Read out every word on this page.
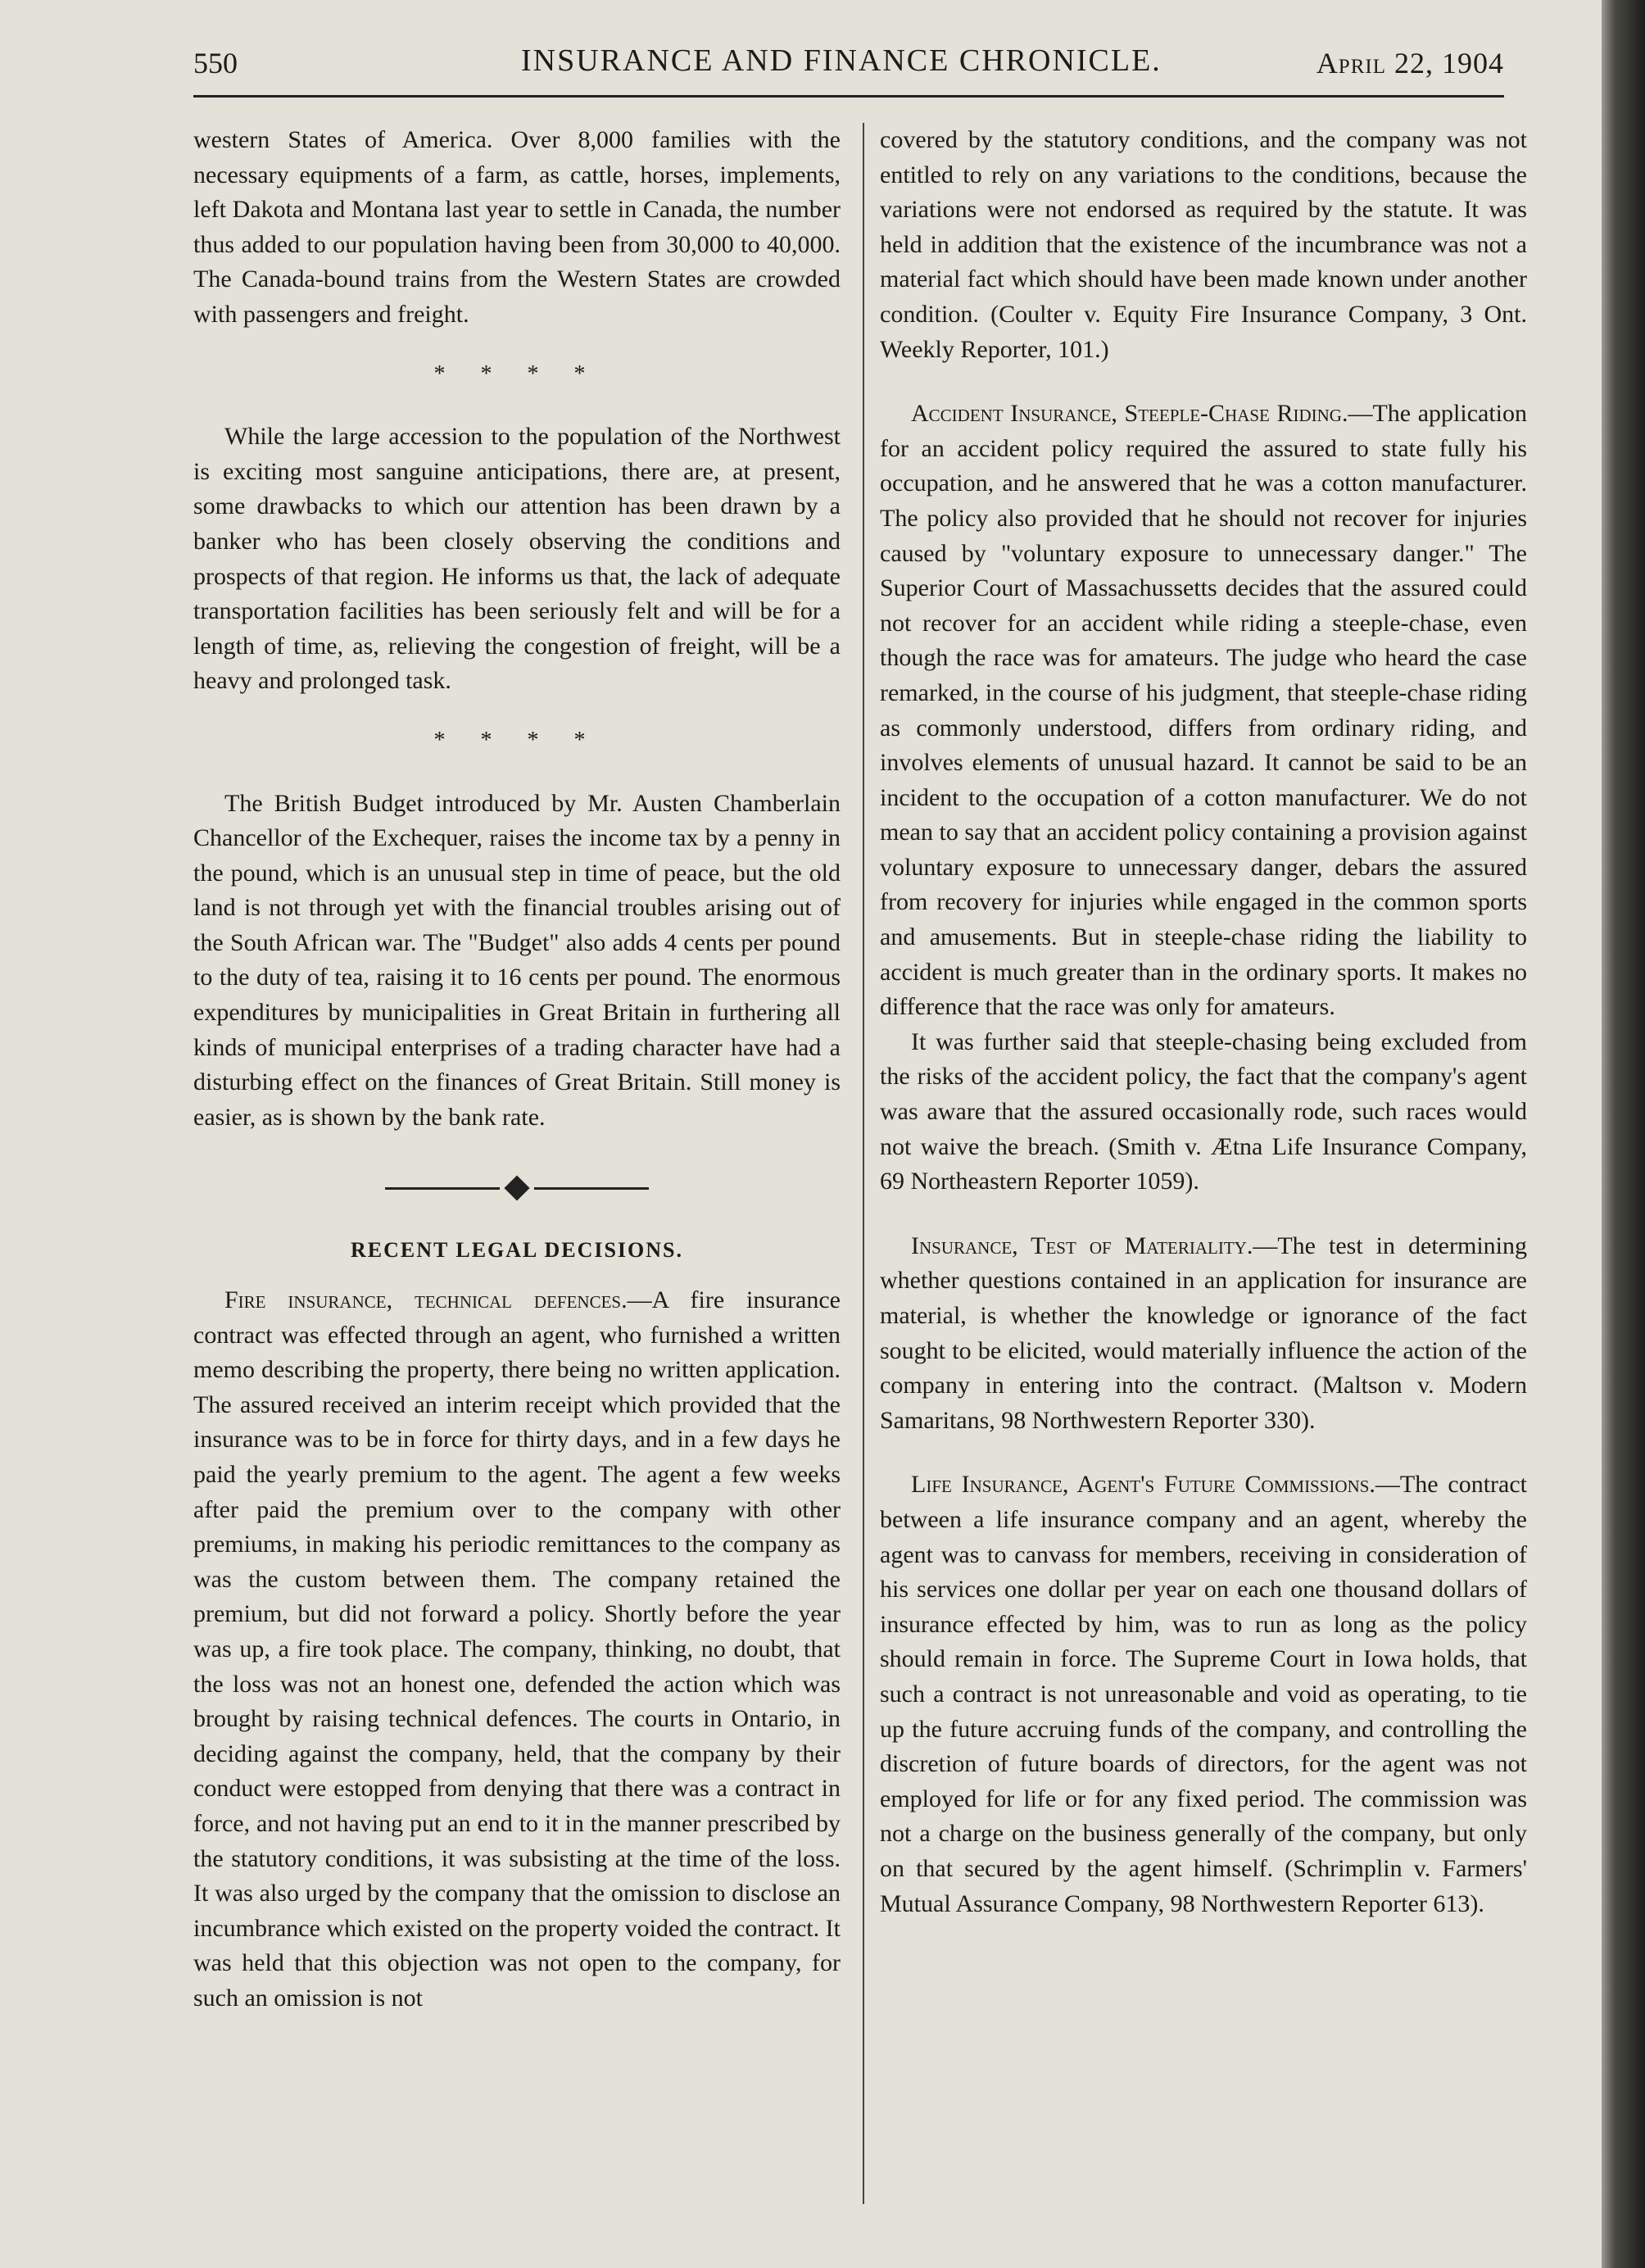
550	INSURANCE AND FINANCE CHRONICLE.	April 22, 1904

western States of America. Over 8,000 families with the necessary equipments of a farm, as cattle, horses, implements, left Dakota and Montana last year to settle in Canada, the number thus added to our population having been from 30,000 to 40,000. The Canada-bound trains from the Western States are crowded with passengers and freight.

* * * *

While the large accession to the population of the Northwest is exciting most sanguine anticipations, there are, at present, some drawbacks to which our attention has been drawn by a banker who has been closely observing the conditions and prospects of that region. He informs us that, the lack of adequate transportation facilities has been seriously felt and will be for a length of time, as, relieving the congestion of freight, will be a heavy and prolonged task.

* * * *

The British Budget introduced by Mr. Austen Chamberlain Chancellor of the Exchequer, raises the income tax by a penny in the pound, which is an unusual step in time of peace, but the old land is not through yet with the financial troubles arising out of the South African war. The "Budget" also adds 4 cents per pound to the duty of tea, raising it to 16 cents per pound. The enormous expenditures by municipalities in Great Britain in furthering all kinds of municipal enterprises of a trading character have had a disturbing effect on the finances of Great Britain. Still money is easier, as is shown by the bank rate.

RECENT LEGAL DECISIONS.

Fire insurance, technical defences.—A fire insurance contract was effected through an agent, who furnished a written memo describing the property, there being no written application. The assured received an interim receipt which provided that the insurance was to be in force for thirty days, and in a few days he paid the yearly premium to the agent. The agent a few weeks after paid the premium over to the company with other premiums, in making his periodic remittances to the company as was the custom between them. The company retained the premium, but did not forward a policy. Shortly before the year was up, a fire took place. The company, thinking, no doubt, that the loss was not an honest one, defended the action which was brought by raising technical defences. The courts in Ontario, in deciding against the company, held, that the company by their conduct were estopped from denying that there was a contract in force, and not having put an end to it in the manner prescribed by the statutory conditions, it was subsisting at the time of the loss. It was also urged by the company that the omission to disclose an incumbrance which existed on the property voided the contract. It was held that this objection was not open to the company, for such an omission is not

covered by the statutory conditions, and the company was not entitled to rely on any variations to the conditions, because the variations were not endorsed as required by the statute. It was held in addition that the existence of the incumbrance was not a material fact which should have been made known under another condition. (Coulter v. Equity Fire Insurance Company, 3 Ont. Weekly Reporter, 101.)

Accident Insurance, Steeple-Chase Riding.—The application for an accident policy required the assured to state fully his occupation, and he answered that he was a cotton manufacturer. The policy also provided that he should not recover for injuries caused by "voluntary exposure to unnecessary danger." The Superior Court of Massachussetts decides that the assured could not recover for an accident while riding a steeple-chase, even though the race was for amateurs. The judge who heard the case remarked, in the course of his judgment, that steeple-chase riding as commonly understood, differs from ordinary riding, and involves elements of unusual hazard. It cannot be said to be an incident to the occupation of a cotton manufacturer. We do not mean to say that an accident policy containing a provision against voluntary exposure to unnecessary danger, debars the assured from recovery for injuries while engaged in the common sports and amusements. But in steeple-chase riding the liability to accident is much greater than in the ordinary sports. It makes no difference that the race was only for amateurs.

It was further said that steeple-chasing being excluded from the risks of the accident policy, the fact that the company's agent was aware that the assured occasionally rode, such races would not waive the breach. (Smith v. Ætna Life Insurance Company, 69 Northeastern Reporter 1059).

Insurance, Test of Materiality.—The test in determining whether questions contained in an application for insurance are material, is whether the knowledge or ignorance of the fact sought to be elicited, would materially influence the action of the company in entering into the contract. (Maltson v. Modern Samaritans, 98 Northwestern Reporter 330).

Life Insurance, Agent's Future Commissions.—The contract between a life insurance company and an agent, whereby the agent was to canvass for members, receiving in consideration of his services one dollar per year on each one thousand dollars of insurance effected by him, was to run as long as the policy should remain in force. The Supreme Court in Iowa holds, that such a contract is not unreasonable and void as operating, to tie up the future accruing funds of the company, and controlling the discretion of future boards of directors, for the agent was not employed for life or for any fixed period. The commission was not a charge on the business generally of the company, but only on that secured by the agent himself. (Schrimplin v. Farmers' Mutual Assurance Company, 98 Northwestern Reporter 613).
